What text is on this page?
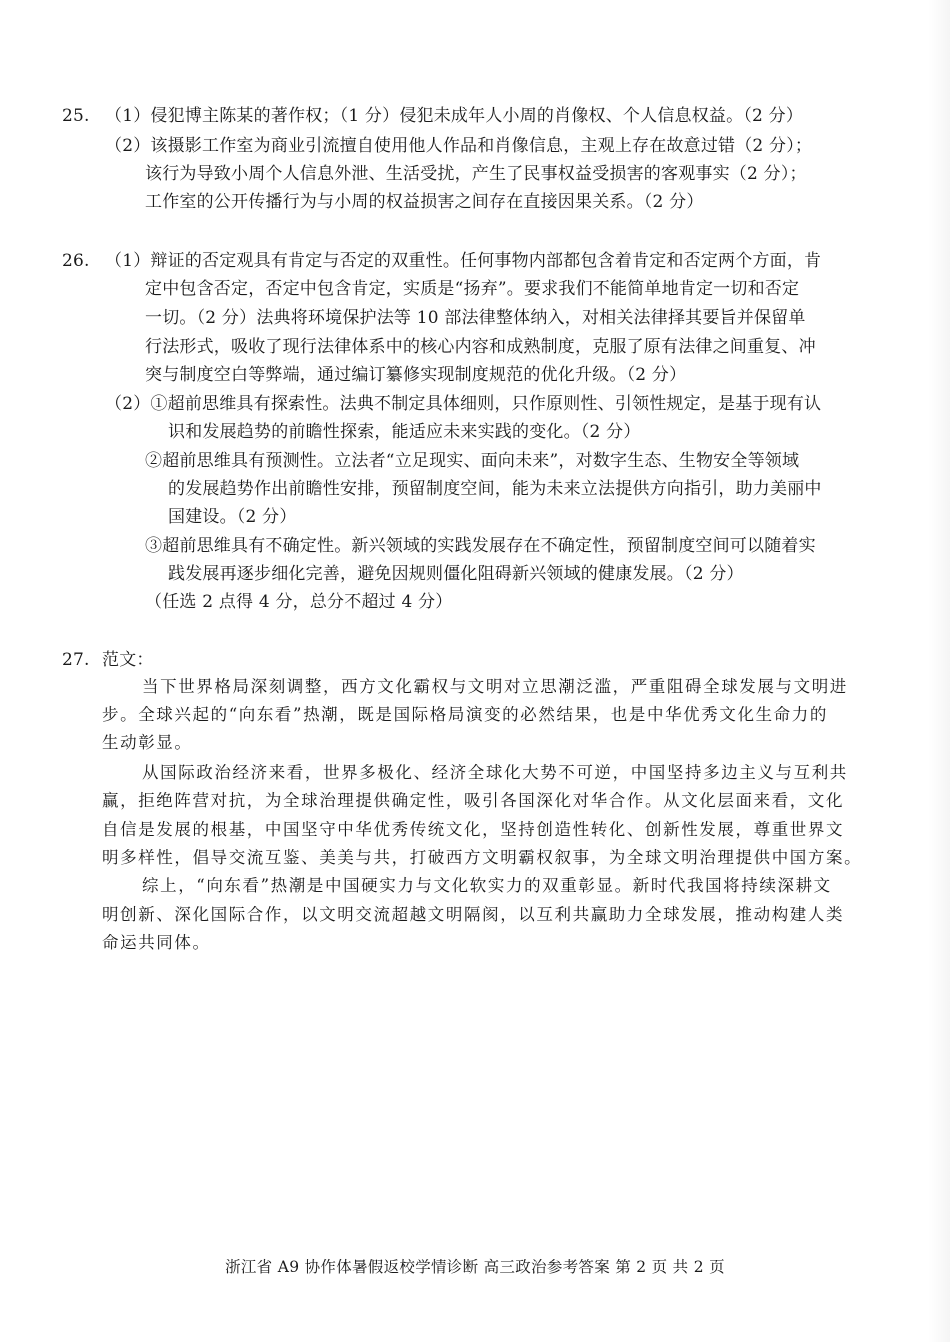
25. （1）侵犯博主陈某的著作权；（1 分）侵犯未成年人小周的肖像权、个人信息权益。（2 分）
（2）该摄影工作室为商业引流擅自使用他人作品和肖像信息，主观上存在故意过错（2 分）；
该行为导致小周个人信息外泄、生活受扰，产生了民事权益受损害的客观事实（2 分）；
工作室的公开传播行为与小周的权益损害之间存在直接因果关系。（2 分）
26. （1）辩证的否定观具有肯定与否定的双重性。任何事物内部都包含着肯定和否定两个方面，肯
定中包含否定，否定中包含肯定，实质是“扬弃”。要求我们不能简单地肯定一切和否定
一切。（2 分）法典将环境保护法等 10 部法律整体纳入，对相关法律择其要旨并保留单
行法形式，吸收了现行法律体系中的核心内容和成熟制度，克服了原有法律之间重复、冲
突与制度空白等弊端，通过编订纂修实现制度规范的优化升级。（2 分）
（2）①超前思维具有探索性。法典不制定具体细则，只作原则性、引领性规定，是基于现有认
识和发展趋势的前瞻性探索，能适应未来实践的变化。（2 分）
②超前思维具有预测性。立法者“立足现实、面向未来”，对数字生态、生物安全等领域
的发展趋势作出前瞻性安排，预留制度空间，能为未来立法提供方向指引，助力美丽中
国建设。（2 分）
③超前思维具有不确定性。新兴领域的实践发展存在不确定性，预留制度空间可以随着实
践发展再逐步细化完善，避免因规则僵化阻碍新兴领域的健康发展。（2 分）
（任选 2 点得 4 分，总分不超过 4 分）
27. 范文：
当下世界格局深刻调整，西方文化霸权与文明对立思潮泛滥，严重阻碍全球发展与文明进
步。全球兴起的“向东看”热潮，既是国际格局演变的必然结果，也是中华优秀文化生命力的
生动彰显。
从国际政治经济来看，世界多极化、经济全球化大势不可逆，中国坚持多边主义与互利共
赢，拒绝阵营对抗，为全球治理提供确定性，吸引各国深化对华合作。从文化层面来看，文化
自信是发展的根基，中国坚守中华优秀传统文化，坚持创造性转化、创新性发展，尊重世界文
明多样性，倡导交流互鉴、美美与共，打破西方文明霸权叙事，为全球文明治理提供中国方案。
综上，“向东看”热潮是中国硬实力与文化软实力的双重彰显。新时代我国将持续深耕文
明创新、深化国际合作，以文明交流超越文明隔阂，以互利共赢助力全球发展，推动构建人类
命运共同体。
浙江省 A9 协作体暑假返校学情诊断 高三政治参考答案 第 2 页 共 2 页
